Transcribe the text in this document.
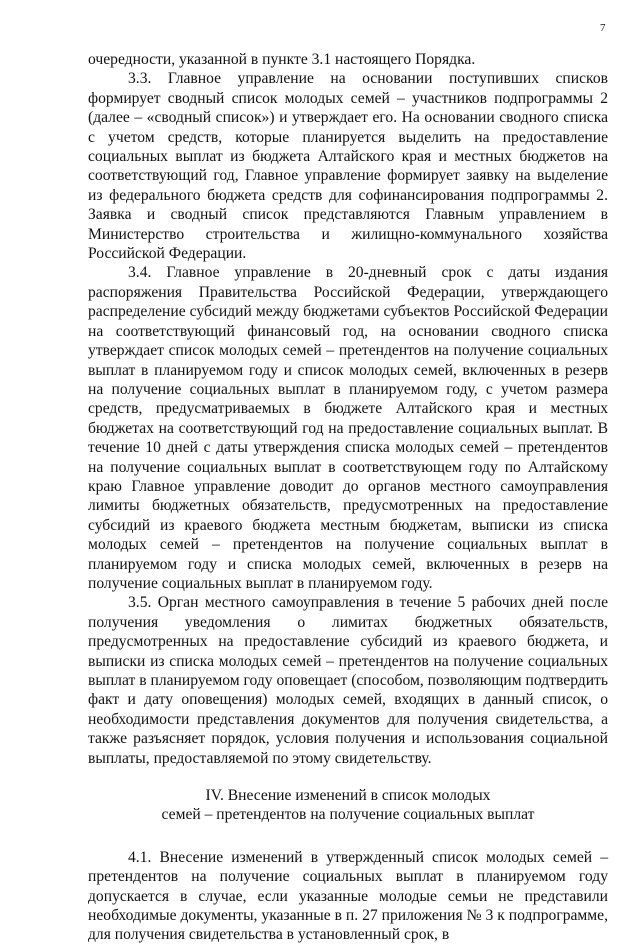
7

очередности, указанной в пункте 3.1 настоящего Порядка.

3.3. Главное управление на основании поступивших списков формирует сводный список молодых семей – участников подпрограммы 2 (далее – «сводный список») и утверждает его. На основании сводного списка с учетом средств, которые планируется выделить на предоставление социальных выплат из бюджета Алтайского края и местных бюджетов на соответствующий год, Главное управление формирует заявку на выделение из федерального бюджета средств для софинансирования подпрограммы 2. Заявка и сводный список представляются Главным управлением в Министерство строительства и жилищно-коммунального хозяйства Российской Федерации.

3.4. Главное управление в 20-дневный срок с даты издания распоряжения Правительства Российской Федерации, утверждающего распределение субсидий между бюджетами субъектов Российской Федерации на соответствующий финансовый год, на основании сводного списка утверждает список молодых семей – претендентов на получение социальных выплат в планируемом году и список молодых семей, включенных в резерв на получение социальных выплат в планируемом году, с учетом размера средств, предусматриваемых в бюджете Алтайского края и местных бюджетах на соответствующий год на предоставление социальных выплат. В течение 10 дней с даты утверждения списка молодых семей – претендентов на получение социальных выплат в соответствующем году по Алтайскому краю Главное управление доводит до органов местного самоуправления лимиты бюджетных обязательств, предусмотренных на предоставление субсидий из краевого бюджета местным бюджетам, выписки из списка молодых семей – претендентов на получение социальных выплат в планируемом году и списка молодых семей, включенных в резерв на получение социальных выплат в планируемом году.

3.5. Орган местного самоуправления в течение 5 рабочих дней после получения уведомления о лимитах бюджетных обязательств, предусмотренных на предоставление субсидий из краевого бюджета, и выписки из списка молодых семей – претендентов на получение социальных выплат в планируемом году оповещает (способом, позволяющим подтвердить факт и дату оповещения) молодых семей, входящих в данный список, о необходимости представления документов для получения свидетельства, а также разъясняет порядок, условия получения и использования социальной выплаты, предоставляемой по этому свидетельству.

IV. Внесение изменений в список молодых
семей – претендентов на получение социальных выплат

4.1. Внесение изменений в утвержденный список молодых семей – претендентов на получение социальных выплат в планируемом году допускается в случае, если указанные молодые семьи не представили необходимые документы, указанные в п. 27 приложения № 3 к подпрограмме, для получения свидетельства в установленный срок, в
